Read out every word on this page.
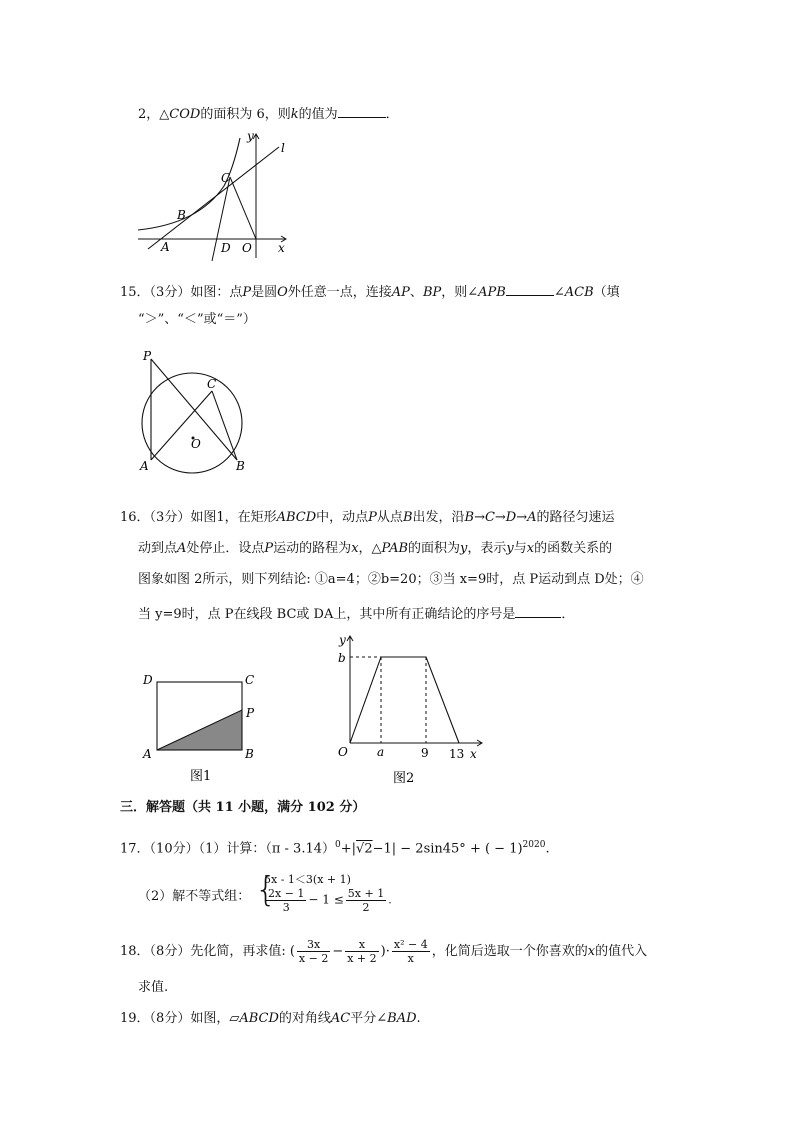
2，△COD的面积为 6，则k的值为	．
y
l
C
B
A	D O x
15．（3分）如图：点P是圆O外任意一点，连接AP、BP，则∠APB	∠ACB（填
“＞”、“＜”或“＝”）
P
C
O
A	B
16．（3分）如图1，在矩形ABCD中，动点P从点B出发，沿B→C→D→A的路径匀速运
动到点A处停止．设点P运动的路程为x，△PAB的面积为y，表示y与x的函数关系的
图象如图 2所示，则下列结论: ①a=4；②b=20；③当 x=9时，点 P运动到点 D处；④
当 y=9时，点 P在线段 BC或 DA上，其中所有正确结论的序号是	．
D	C
P
A	B
图1
y
b
O a	9 13 x
图2
三．解答题（共 11 小题，满分 102 分）
17．（10分）（1）计算：（π - 3.14）$^0$+|√2−1| − 2sin45° + ( − 1)$^{2020}$.
（2）解不等式组： {
5x - 1＜3(x + 1)
$\frac{2x - 1}{3} - 1 \le \frac{5x + 1}{2}$ .
18．（8分）先化简，再求值: ( $\frac{3x}{x - 2} - \frac{x}{x + 2}$ )· $\frac{\text{x² − 4}}{x}$ ，化简后选取一个你喜欢的x的值代入
求值.
19．（8分）如图，▱ABCD的对角线AC平分∠BAD.
